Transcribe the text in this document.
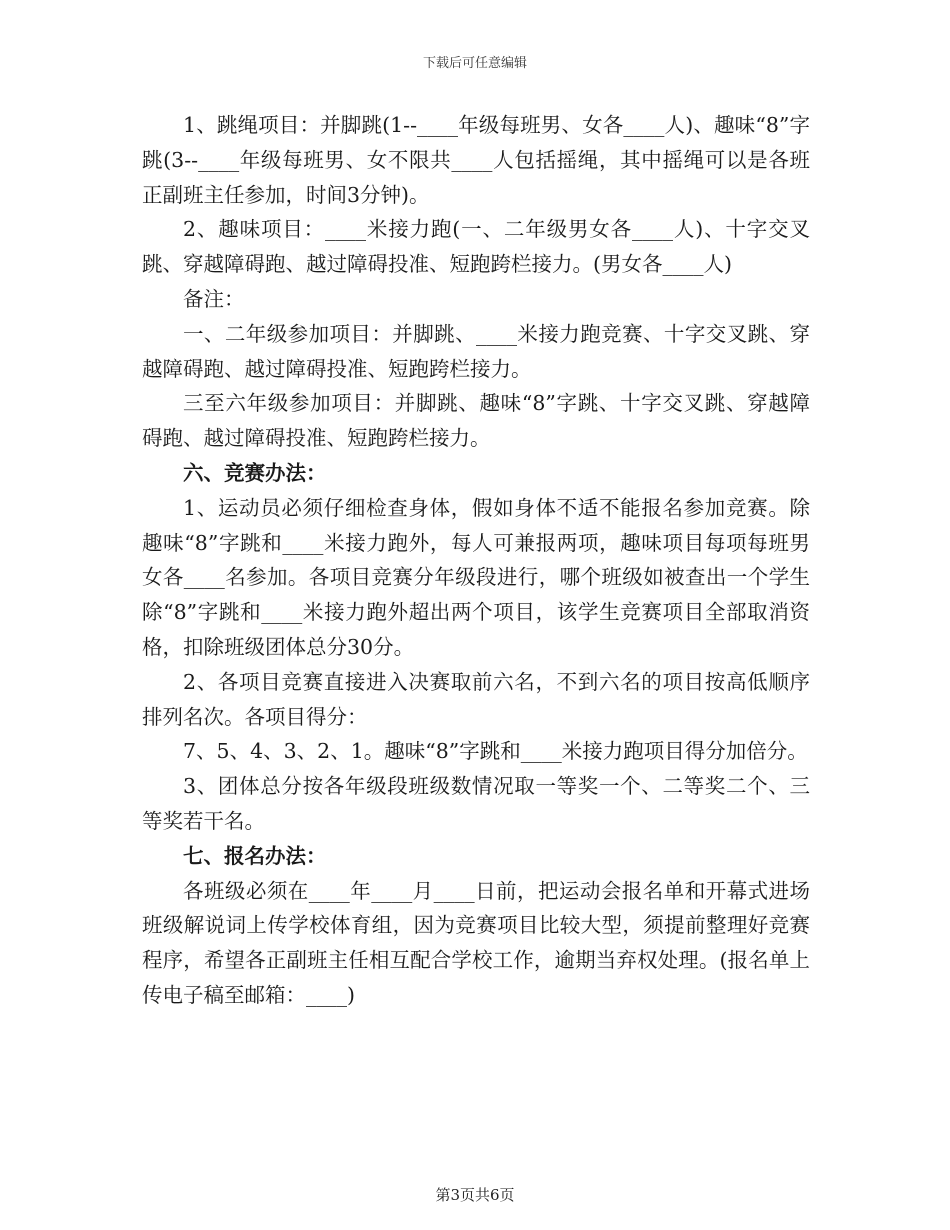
下载后可任意编辑

1、跳绳项目：并脚跳(1--____年级每班男、女各____人)、趣味“8”字跳(3--____年级每班男、女不限共____人包括摇绳，其中摇绳可以是各班正副班主任参加，时间3分钟)。

2、趣味项目：____米接力跑(一、二年级男女各____人)、十字交叉跳、穿越障碍跑、越过障碍投准、短跑跨栏接力。(男女各____人)

备注：

一、二年级参加项目：并脚跳、____米接力跑竞赛、十字交叉跳、穿越障碍跑、越过障碍投准、短跑跨栏接力。

三至六年级参加项目：并脚跳、趣味“8”字跳、十字交叉跳、穿越障碍跑、越过障碍投准、短跑跨栏接力。

六、竞赛办法：

1、运动员必须仔细检查身体，假如身体不适不能报名参加竞赛。除趣味“8”字跳和____米接力跑外，每人可兼报两项，趣味项目每项每班男女各____名参加。各项目竞赛分年级段进行，哪个班级如被查出一个学生除“8”字跳和____米接力跑外超出两个项目，该学生竞赛项目全部取消资格，扣除班级团体总分30分。

2、各项目竞赛直接进入决赛取前六名，不到六名的项目按高低顺序排列名次。各项目得分：

7、5、4、3、2、1。趣味“8”字跳和____米接力跑项目得分加倍分。

3、团体总分按各年级段班级数情况取一等奖一个、二等奖二个、三等奖若干名。

七、报名办法：

各班级必须在____年____月____日前，把运动会报名单和开幕式进场班级解说词上传学校体育组，因为竞赛项目比较大型，须提前整理好竞赛程序，希望各正副班主任相互配合学校工作，逾期当弃权处理。(报名单上传电子稿至邮箱：____)

第3页共6页
